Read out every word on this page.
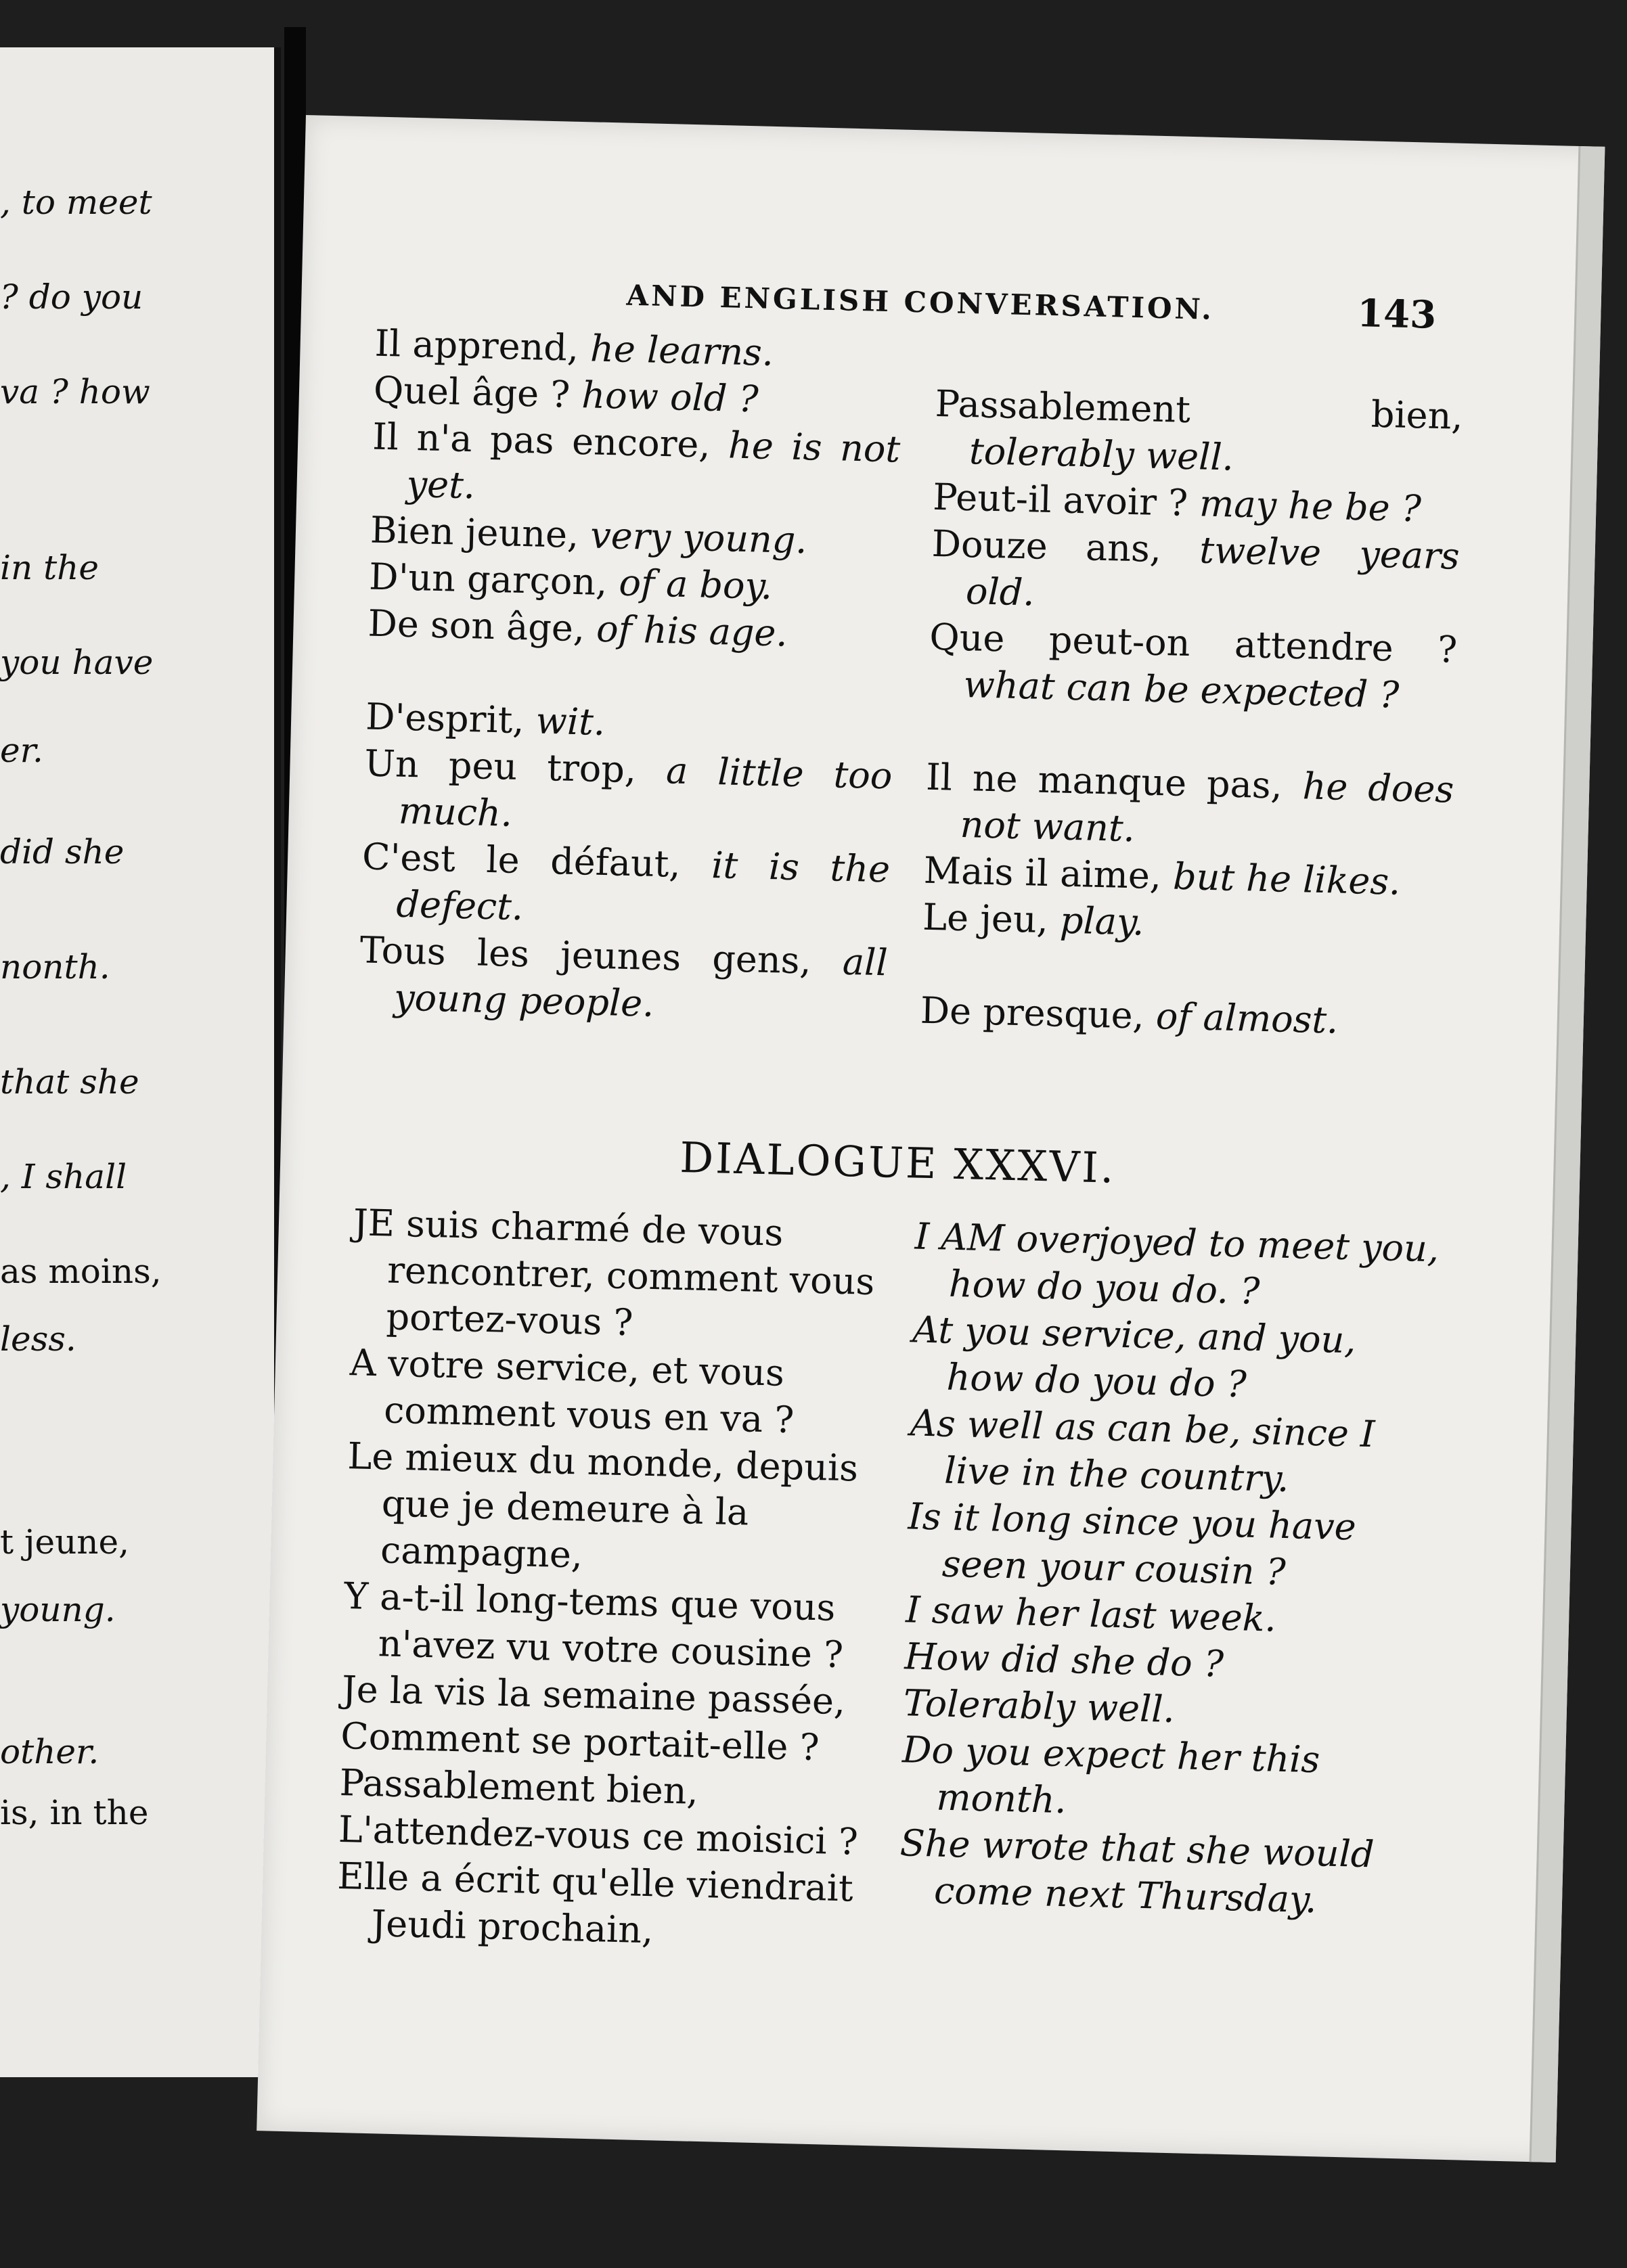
, to meet
? do you
va ? how
in the
you have
er.
did she
nonth.
that she
, I shall
as moins,
less.
t jeune,
young.
other.
is, in the
AND ENGLISH CONVERSATION.	143

Il apprend, he learns.

Quel âge ? how old ?

Il n'a pas encore, he is not yet.

Bien jeune, very young.

D'un garçon, of a boy.

De son âge, of his age.

D'esprit, wit.

Un peu trop, a little too much.

C'est le défaut, it is the defect.

Tous les jeunes gens, all young people.

Passablement bien, tolerably well.

Peut-il avoir ? may he be ?

Douze ans, twelve years old.

Que peut-on attendre ? what can be expected ?

Il ne manque pas, he does not want.

Mais il aime, but he likes.

Le jeu, play.

De presque, of almost.

DIALOGUE XXXVI.

JE suis charmé de vous rencontrer, comment vous portez-vous ?

A votre service, et vous comment vous en va ?

Le mieux du monde, depuis que je demeure à la campagne,

Y a-t-il long-tems que vous n'avez vu votre cousine ?

Je la vis la semaine passée,

Comment se portait-elle ?

Passablement bien,

L'attendez-vous ce moisici ?

Elle a écrit qu'elle viendrait Jeudi prochain,

I AM overjoyed to meet you, how do you do. ?

At you service, and you, how do you do ?

As well as can be, since I live in the country.

Is it long since you have seen your cousin ?

I saw her last week.

How did she do ?

Tolerably well.

Do you expect her this month.

She wrote that she would come next Thursday.
